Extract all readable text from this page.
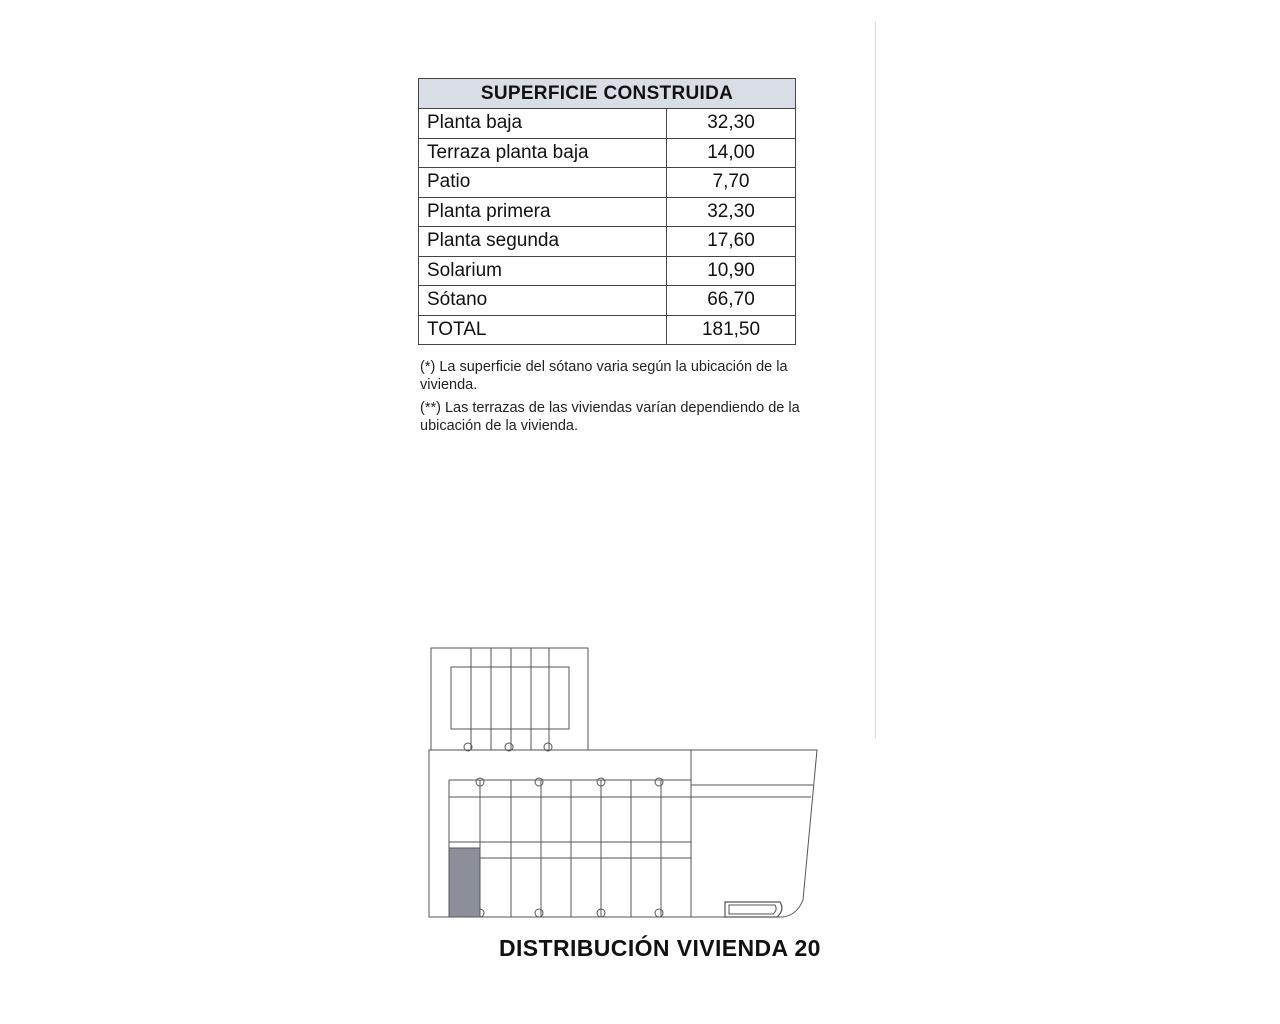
SUPERFICIE CONSTRUIDA	
Planta baja	32,30
Terraza planta baja	14,00
Patio	7,70
Planta primera	32,30
Planta segunda	17,60
Solarium	10,90
Sótano	66,70
TOTAL	181,50
(*) La superficie del sótano varia según la ubicación de la vivienda.
(**) Las terrazas de las viviendas varían dependiendo de la ubicación de la vivienda.
DISTRIBUCIÓN VIVIENDA 20
